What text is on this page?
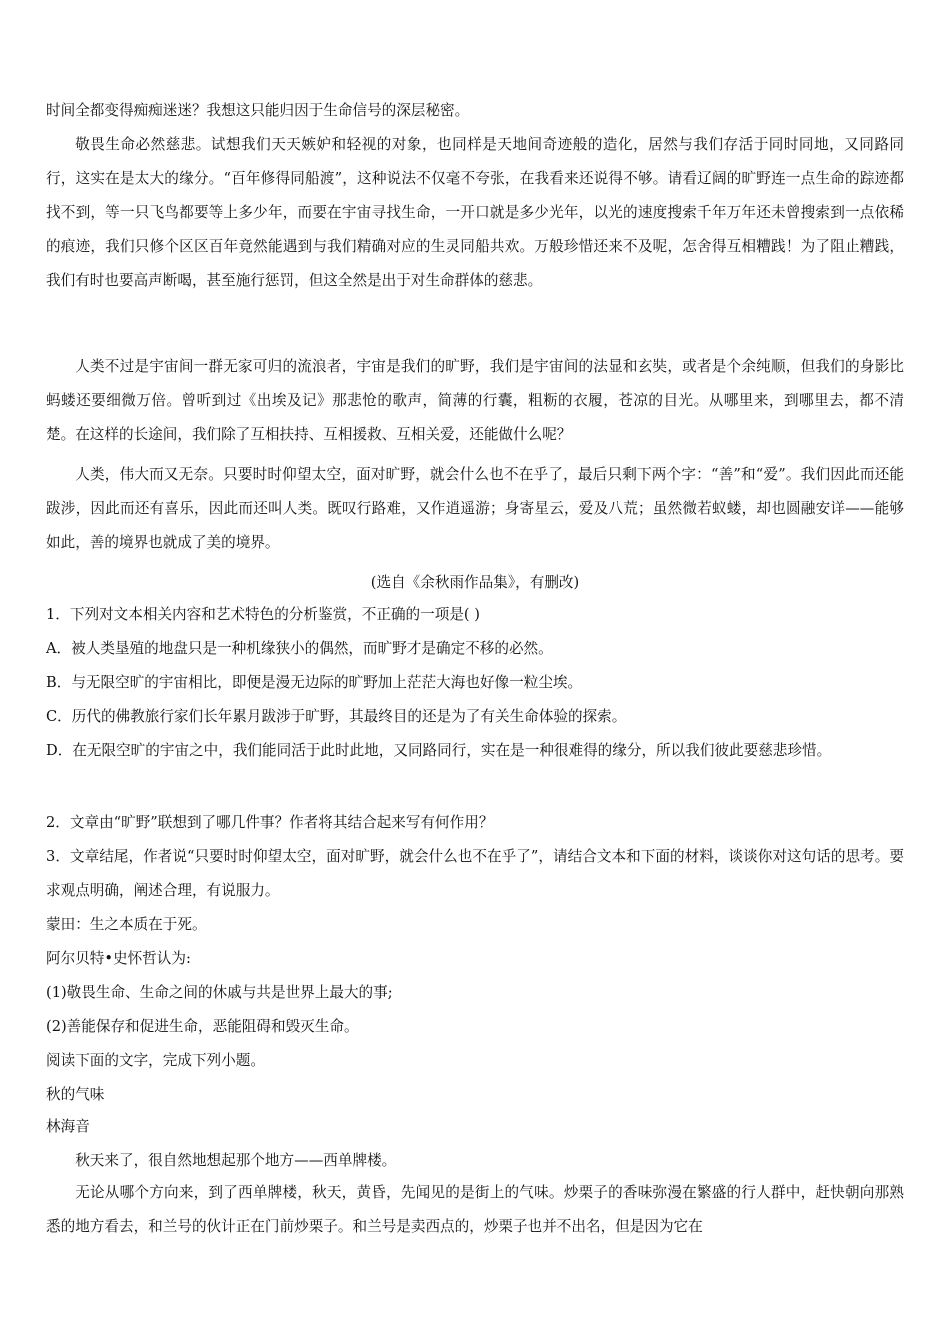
时间全都变得痴痴迷迷？我想这只能归因于生命信号的深层秘密。

敬畏生命必然慈悲。试想我们天天嫉妒和轻视的对象，也同样是天地间奇迹般的造化，居然与我们存活于同时同地，又同路同行，这实在是太大的缘分。“百年修得同船渡”，这种说法不仅毫不夸张，在我看来还说得不够。请看辽阔的旷野连一点生命的踪迹都找不到，等一只飞鸟都要等上多少年，而要在宇宙寻找生命，一开口就是多少光年，以光的速度搜索千年万年还未曾搜索到一点依稀的痕迹，我们只修个区区百年竟然能遇到与我们精确对应的生灵同船共欢。万般珍惜还来不及呢，怎舍得互相糟践！为了阻止糟践，我们有时也要高声断喝，甚至施行惩罚，但这全然是出于对生命群体的慈悲。

人类不过是宇宙间一群无家可归的流浪者，宇宙是我们的旷野，我们是宇宙间的法显和玄奘，或者是个余纯顺，但我们的身影比蚂蝼还要细微万倍。曾听到过《出埃及记》那悲怆的歌声，简薄的行囊，粗粝的衣履，苍凉的目光。从哪里来，到哪里去，都不清楚。在这样的长途间，我们除了互相扶持、互相援救、互相关爱，还能做什么呢？

人类，伟大而又无奈。只要时时仰望太空，面对旷野，就会什么也不在乎了，最后只剩下两个字：“善”和“爱”。我们因此而还能跋涉，因此而还有喜乐，因此而还叫人类。既叹行路难，又作逍遥游；身寄星云，爱及八荒；虽然微若蚁蝼，却也圆融安详——能够如此，善的境界也就成了美的境界。

(选自《余秋雨作品集》，有删改)

1．下列对文本相关内容和艺术特色的分析鉴赏，不正确的一项是( )

A．被人类垦殖的地盘只是一种机缘狭小的偶然，而旷野才是确定不移的必然。

B．与无限空旷的宇宙相比，即便是漫无边际的旷野加上茫茫大海也好像一粒尘埃。

C．历代的佛教旅行家们长年累月跋涉于旷野，其最终目的还是为了有关生命体验的探索。

D．在无限空旷的宇宙之中，我们能同活于此时此地，又同路同行，实在是一种很难得的缘分，所以我们彼此要慈悲珍惜。

2．文章由“旷野”联想到了哪几件事？作者将其结合起来写有何作用？

3．文章结尾，作者说“只要时时仰望太空，面对旷野，就会什么也不在乎了”，请结合文本和下面的材料，谈谈你对这句话的思考。要求观点明确，阐述合理，有说服力。

蒙田：生之本质在于死。

阿尔贝特•史怀哲认为:

(1)敬畏生命、生命之间的休戚与共是世界上最大的事;

(2)善能保存和促进生命，恶能阻碍和毁灭生命。

阅读下面的文字，完成下列小题。

秋的气味

林海音

秋天来了，很自然地想起那个地方——西单牌楼。

无论从哪个方向来，到了西单牌楼，秋天，黄昏，先闻见的是街上的气味。炒栗子的香味弥漫在繁盛的行人群中，赶快朝向那熟悉的地方看去，和兰号的伙计正在门前炒栗子。和兰号是卖西点的，炒栗子也并不出名，但是因为它在
